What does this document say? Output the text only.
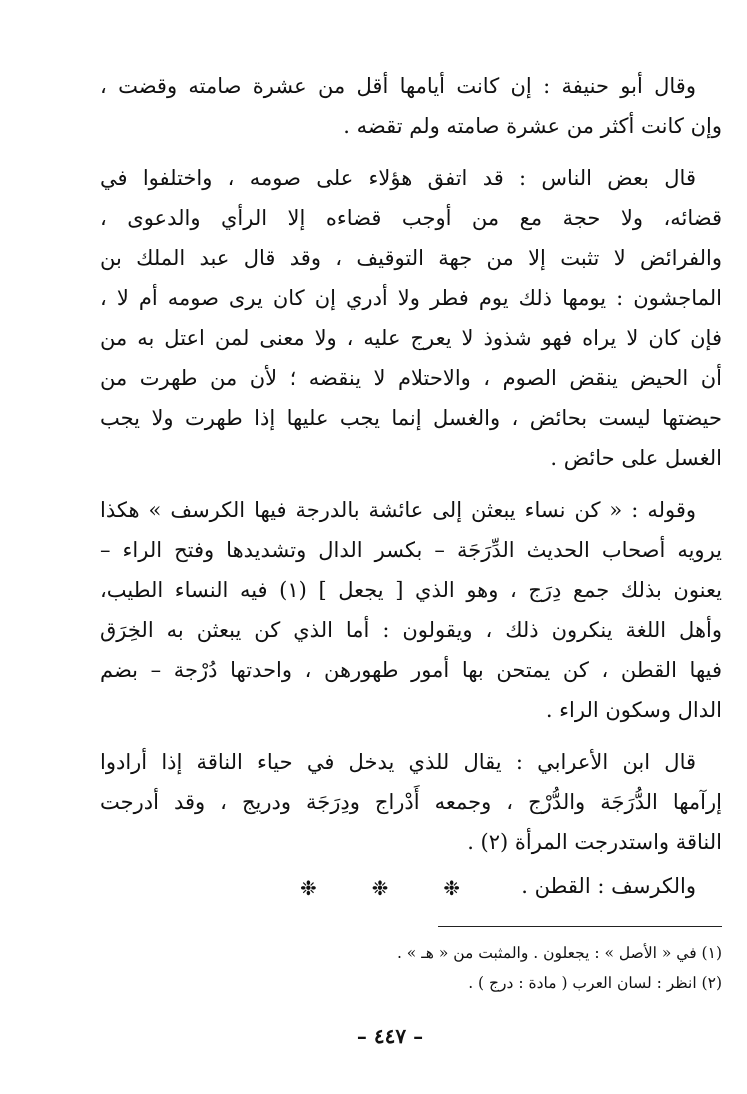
وقال أبو حنيفة : إن كانت أيامها أقل من عشرة صامته وقضت ،
وإن كانت أكثر من عشرة صامته ولم تقضه .

قال بعض الناس : قد اتفق هؤلاء على صومه ، واختلفوا في
قضائه، ولا حجة مع من أوجب قضاءه إلا الرأي والدعوى ،
والفرائض لا تثبت إلا من جهة التوقيف ، وقد قال عبد الملك بن
الماجشون : يومها ذلك يوم فطر ولا أدري إن كان يرى صومه أم لا ،
فإن كان لا يراه فهو شذوذ لا يعرج عليه ، ولا معنى لمن اعتل به من
أن الحيض ينقض الصوم ، والاحتلام لا ينقضه ؛ لأن من طهرت من
حيضتها ليست بحائض ، والغسل إنما يجب عليها إذا طهرت ولا يجب
الغسل على حائض .

وقوله : « كن نساء يبعثن إلى عائشة بالدرجة فيها الكرسف » هكذا
يرويه أصحاب الحديث الدِّرَجَة – بكسر الدال وتشديدها وفتح الراء –
يعنون بذلك جمع دِرَج ، وهو الذي [ يجعل ] (١) فيه النساء الطيب،
وأهل اللغة ينكرون ذلك ، ويقولون : أما الذي كن يبعثن به الخِرَق
فيها القطن ، كن يمتحن بها أمور طهورهن ، واحدتها دُرْجة – بضم
الدال وسكون الراء .

قال ابن الأعرابي : يقال للذي يدخل في حياء الناقة إذا أرادوا
إرآمها الدُّرَجَة والدُّرْج ، وجمعه أَدْراج ودِرَجَة ودريج ، وقد أدرجت
الناقة واستدرجت المرأة (٢) .

والكرسف : القطن .

❉	❉	❉
(١) في « الأصل » : يجعلون . والمثبت من « هـ » .
(٢) انظر : لسان العرب ( مادة : درج ) .
– ٤٤٧ –
